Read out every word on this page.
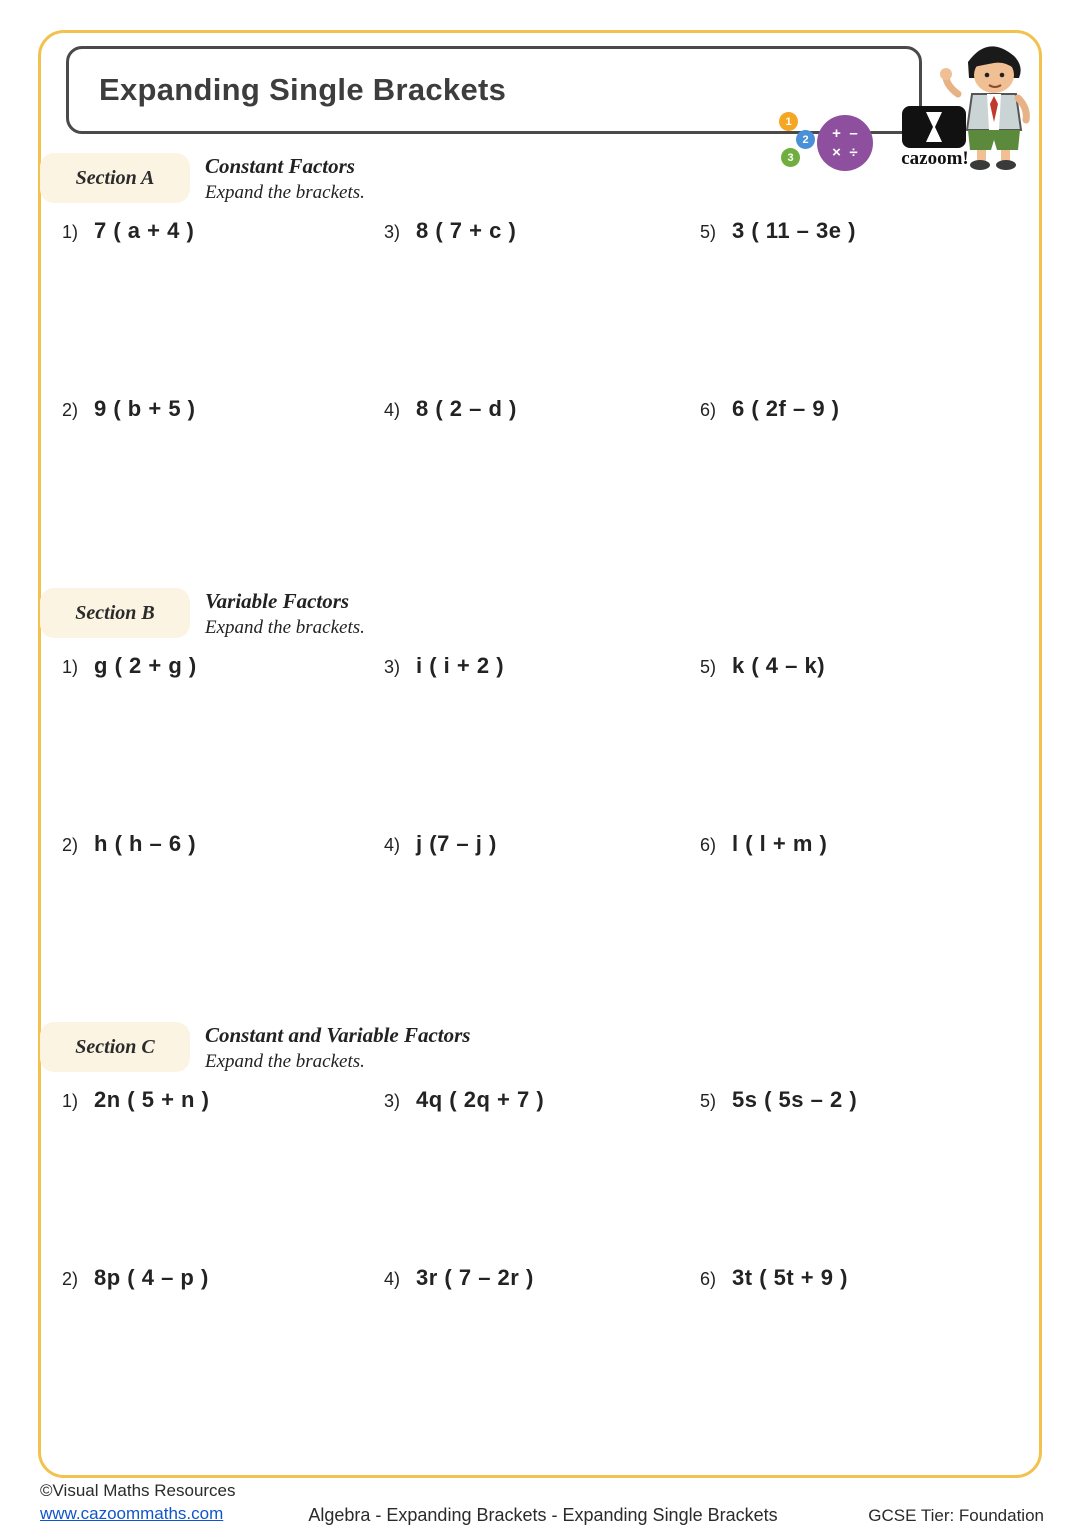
Expanding Single Brackets
1
2
3
+ –
× ÷	cazoom!
Section A	Constant Factors
Expand the brackets.
1) 7 ( a + 4 )	3) 8 ( 7 + c )	5) 3 ( 11 – 3e )
2) 9 ( b + 5 )	4) 8 ( 2 – d )	6) 6 ( 2f – 9 )
Section B	Variable Factors
Expand the brackets.
1) g ( 2 + g )	3) i ( i + 2 )	5) k ( 4 – k)
2) h ( h – 6 )	4) j (7 – j )	6) l ( l + m )
Section C	Constant and Variable Factors
Expand the brackets.
1) 2n ( 5 + n )	3) 4q ( 2q + 7 )	5) 5s ( 5s – 2 )
2) 8p ( 4 – p )	4) 3r ( 7 – 2r )	6) 3t ( 5t + 9 )
©Visual Maths Resources
www.cazoommaths.com	Algebra - Expanding Brackets - Expanding Single Brackets	GCSE Tier: Foundation
